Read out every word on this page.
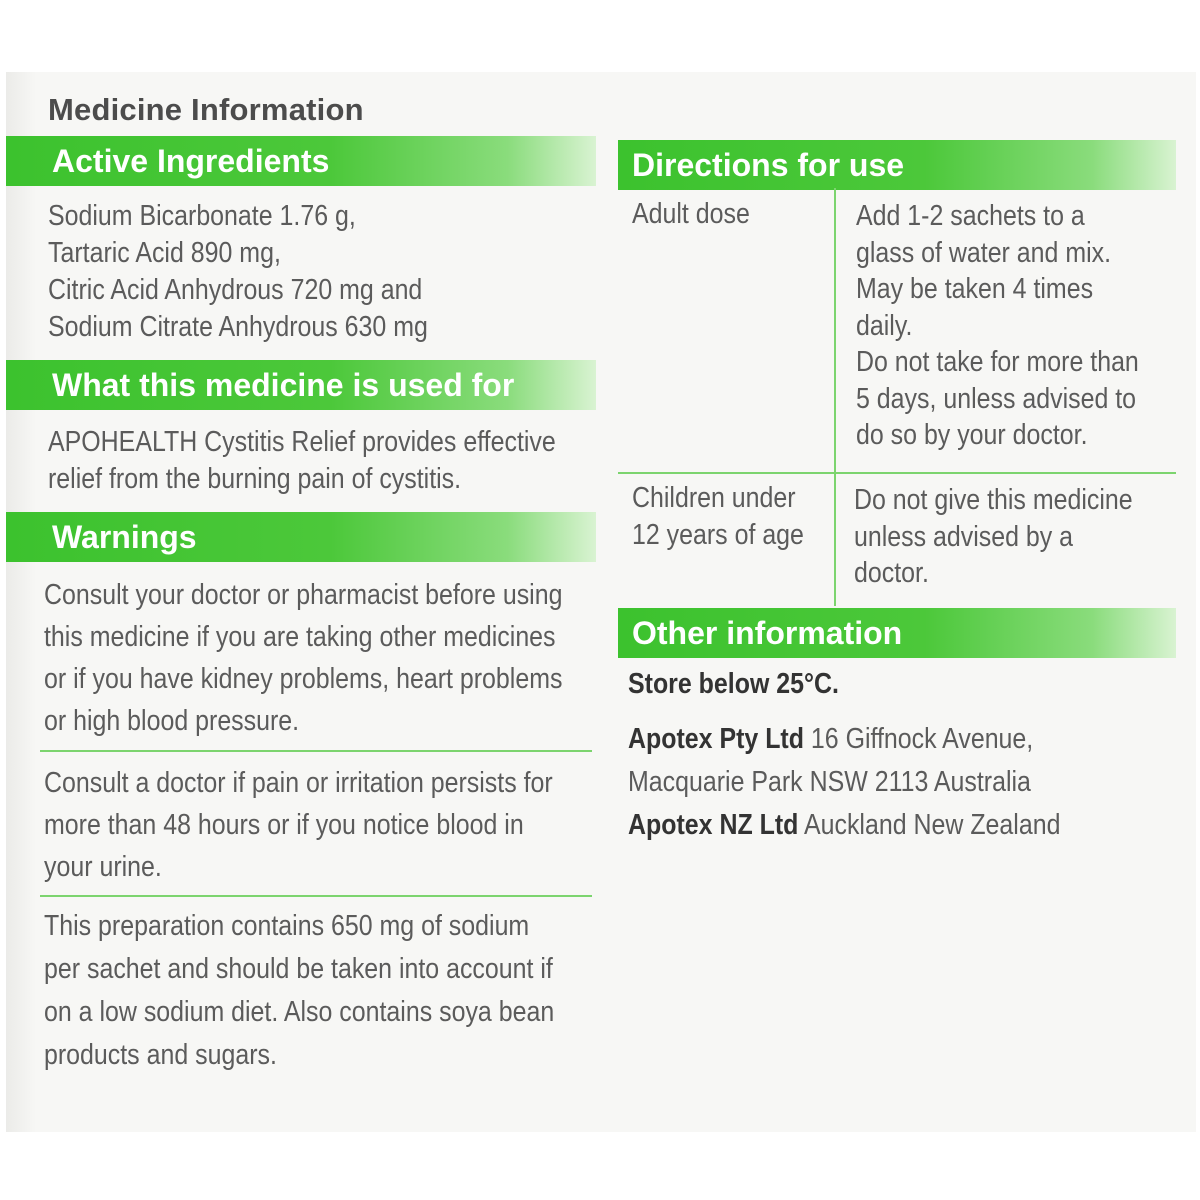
Medicine Information
Active Ingredients
Sodium Bicarbonate 1.76 g,
Tartaric Acid 890 mg,
Citric Acid Anhydrous 720 mg and
Sodium Citrate Anhydrous 630 mg
What this medicine is used for
APOHEALTH Cystitis Relief provides effective
relief from the burning pain of cystitis.
Warnings
Consult your doctor or pharmacist before using
this medicine if you are taking other medicines
or if you have kidney problems, heart problems
or high blood pressure.
Consult a doctor if pain or irritation persists for
more than 48 hours or if you notice blood in
your urine.
This preparation contains 650 mg of sodium
per sachet and should be taken into account if
on a low sodium diet. Also contains soya bean
products and sugars.
Directions for use
Adult dose	Add 1-2 sachets to a
glass of water and mix.
May be taken 4 times
daily.
Do not take for more than
5 days, unless advised to
do so by your doctor.
Children under
12 years of age
Do not give this medicine
unless advised by a
doctor.
Other information
Store below 25°C.
Apotex Pty Ltd 16 Giffnock Avenue,
Macquarie Park NSW 2113 Australia
Apotex NZ Ltd Auckland New Zealand
